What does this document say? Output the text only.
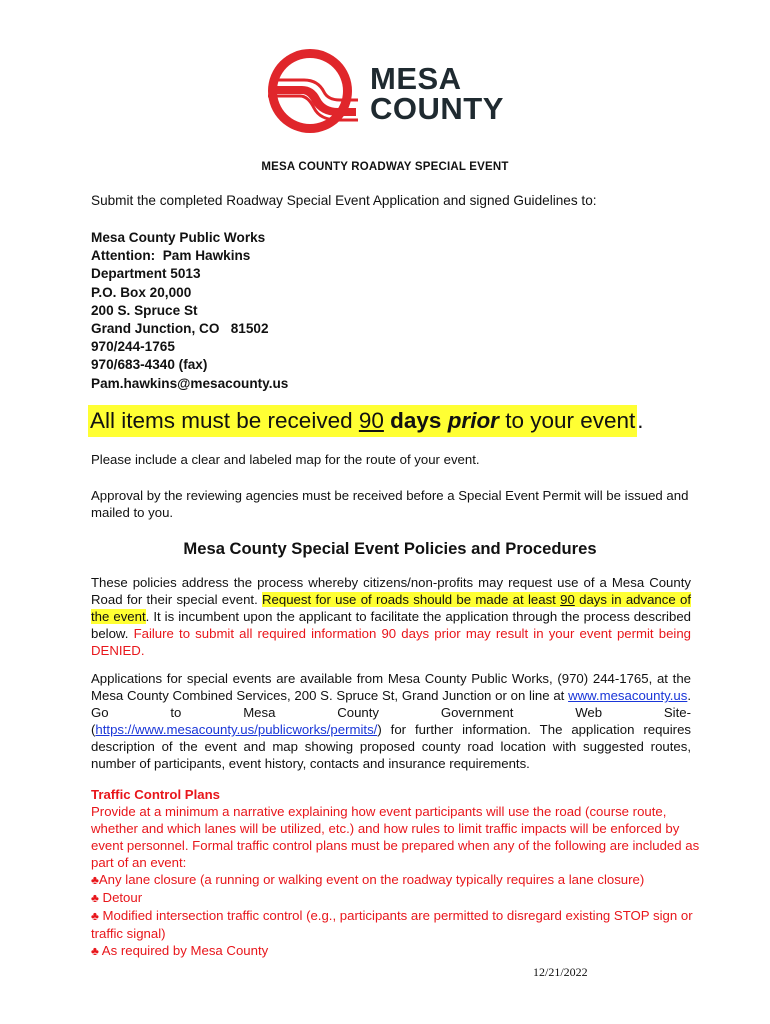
MESA
COUNTY
MESA COUNTY ROADWAY SPECIAL EVENT
Submit the completed Roadway Special Event Application and signed Guidelines to:
Mesa County Public Works
Attention:  Pam Hawkins
Department 5013
P.O. Box 20,000
200 S. Spruce St
Grand Junction, CO   81502
970/244-1765
970/683-4340 (fax)
Pam.hawkins@mesacounty.us
All items must be received 90 days prior to your event .
Please include a clear and labeled map for the route of your event.
Approval by the reviewing agencies must be received before a Special Event Permit will be issued and mailed to you.
Mesa County Special Event Policies and Procedures
These policies address the process whereby citizens/non-profits may request use of a Mesa County Road for their special event. Request for use of roads should be made at least 90 days in advance of the event. It is incumbent upon the applicant to facilitate the application through the process described below. Failure to submit all required information 90 days prior may result in your event permit being DENIED.
Applications for special events are available from Mesa County Public Works, (970) 244-1765, at the Mesa County Combined Services, 200 S. Spruce St, Grand Junction or on line at www.mesacounty.us.      Go      to      Mesa      County      Government      Web      Site-(https://www.mesacounty.us/publicworks/permits/) for further information. The application requires description of the event and map showing proposed county road location with suggested routes, number of participants, event history, contacts and insurance requirements.
Traffic Control Plans
Provide at a minimum a narrative explaining how event participants will use the road (course route, whether and which lanes will be utilized, etc.) and how rules to limit traffic impacts will be enforced by event personnel. Formal traffic control plans must be prepared when any of the following are included as part of an event:
♣Any lane closure (a running or walking event on the roadway typically requires a lane closure)
♣ Detour
♣ Modified intersection traffic control (e.g., participants are permitted to disregard existing STOP sign or traffic signal)
♣ As required by Mesa County
12/21/2022
